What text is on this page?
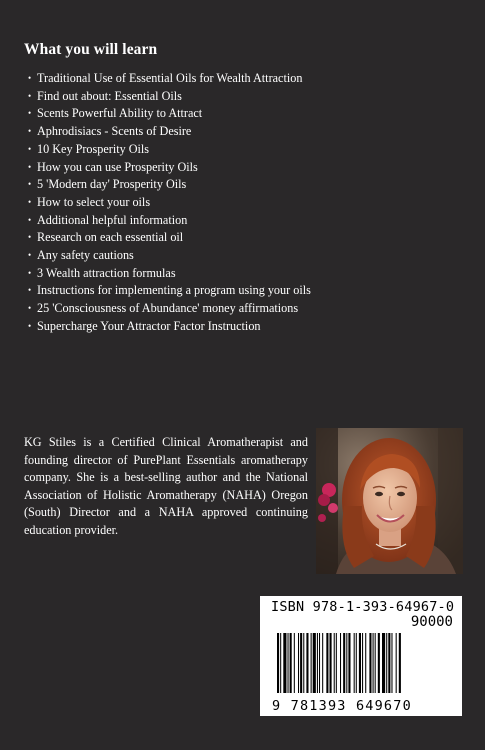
What you will learn
• Traditional Use of Essential Oils for Wealth Attraction
• Find out about: Essential Oils
• Scents Powerful Ability to Attract
• Aphrodisiacs - Scents of Desire
• 10 Key Prosperity Oils
• How you can use Prosperity Oils
• 5 'Modern day' Prosperity Oils
• How to select your oils
• Additional helpful information
• Research on each essential oil
• Any safety cautions
• 3 Wealth attraction formulas
• Instructions for implementing a program using your oils
• 25 'Consciousness of Abundance' money affirmations
• Supercharge Your Attractor Factor Instruction

KG Stiles is a Certified Clinical Aromatherapist and founding director of PurePlant Essentials aromatherapy company. She is a best-selling author and the National Association of Holistic Aromatherapy (NAHA) Oregon (South) Director and a NAHA approved continuing education provider.

ISBN 978-1-393-64967-0
90000
9 781393 649670
